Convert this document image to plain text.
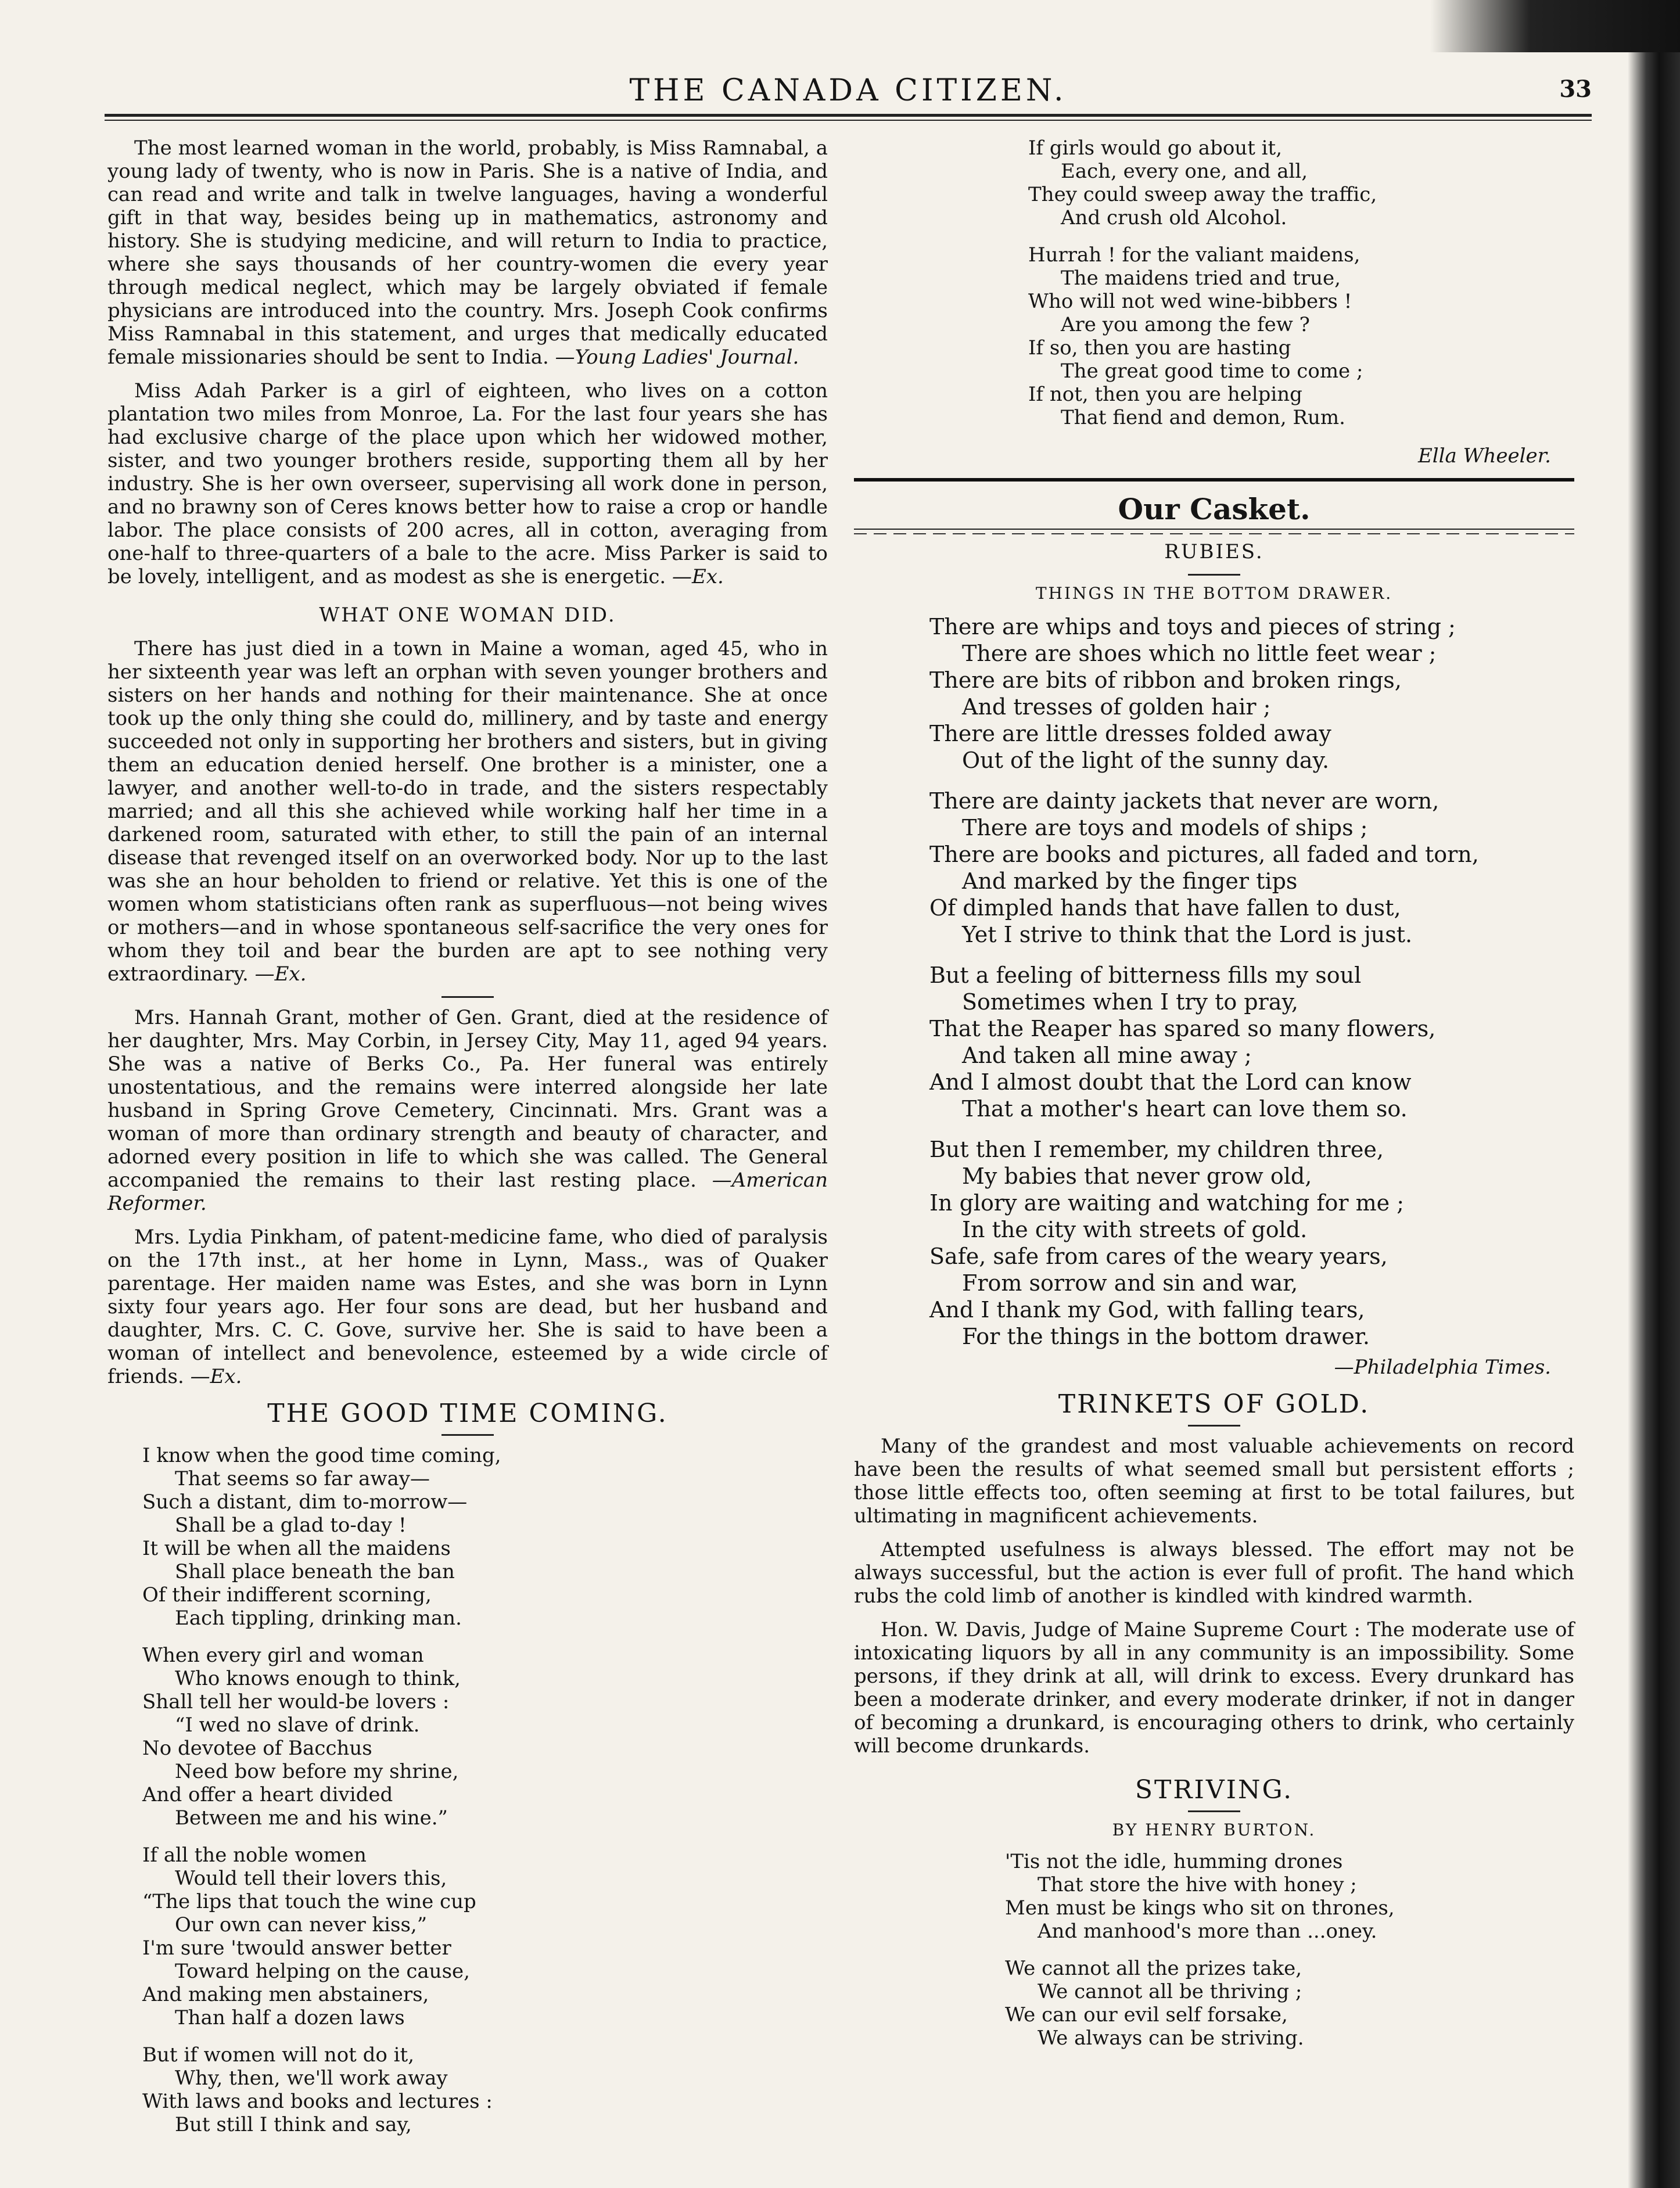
THE CANADA CITIZEN.	33

The most learned woman in the world, probably, is Miss Ramnabal, a young lady of twenty, who is now in Paris. She is a native of India, and can read and write and talk in twelve languages, having a wonderful gift in that way, besides being up in mathematics, astronomy and history. She is studying medicine, and will return to India to practice, where she says thousands of her country-women die every year through medical neglect, which may be largely obviated if female physicians are introduced into the country. Mrs. Joseph Cook confirms Miss Ramnabal in this statement, and urges that medically educated female missionaries should be sent to India. —Young Ladies' Journal.

Miss Adah Parker is a girl of eighteen, who lives on a cotton plantation two miles from Monroe, La. For the last four years she has had exclusive charge of the place upon which her widowed mother, sister, and two younger brothers reside, supporting them all by her industry. She is her own overseer, supervising all work done in person, and no brawny son of Ceres knows better how to raise a crop or handle labor. The place consists of 200 acres, all in cotton, averaging from one-half to three-quarters of a bale to the acre. Miss Parker is said to be lovely, intelligent, and as modest as she is energetic. —Ex.

WHAT ONE WOMAN DID.

There has just died in a town in Maine a woman, aged 45, who in her sixteenth year was left an orphan with seven younger brothers and sisters on her hands and nothing for their maintenance. She at once took up the only thing she could do, millinery, and by taste and energy succeeded not only in supporting her brothers and sisters, but in giving them an education denied herself. One brother is a minister, one a lawyer, and another well-to-do in trade, and the sisters respectably married; and all this she achieved while working half her time in a darkened room, saturated with ether, to still the pain of an internal disease that revenged itself on an overworked body. Nor up to the last was she an hour beholden to friend or relative. Yet this is one of the women whom statisticians often rank as superfluous—not being wives or mothers—and in whose spontaneous self-sacrifice the very ones for whom they toil and bear the burden are apt to see nothing very extraordinary. —Ex.

Mrs. Hannah Grant, mother of Gen. Grant, died at the residence of her daughter, Mrs. May Corbin, in Jersey City, May 11, aged 94 years. She was a native of Berks Co., Pa. Her funeral was entirely unostentatious, and the remains were interred alongside her late husband in Spring Grove Cemetery, Cincinnati. Mrs. Grant was a woman of more than ordinary strength and beauty of character, and adorned every position in life to which she was called. The General accompanied the remains to their last resting place. —American Reformer.

Mrs. Lydia Pinkham, of patent-medicine fame, who died of paralysis on the 17th inst., at her home in Lynn, Mass., was of Quaker parentage. Her maiden name was Estes, and she was born in Lynn sixty four years ago. Her four sons are dead, but her husband and daughter, Mrs. C. C. Gove, survive her. She is said to have been a woman of intellect and benevolence, esteemed by a wide circle of friends. —Ex.

THE GOOD TIME COMING.
I know when the good time coming,
That seems so far away—
Such a distant, dim to-morrow—
Shall be a glad to-day !
It will be when all the maidens
Shall place beneath the ban
Of their indifferent scorning,
Each tippling, drinking man.
When every girl and woman
Who knows enough to think,
Shall tell her would-be lovers :
“I wed no slave of drink.
No devotee of Bacchus
Need bow before my shrine,
And offer a heart divided
Between me and his wine.”
If all the noble women
Would tell their lovers this,
“The lips that touch the wine cup
Our own can never kiss,”
I'm sure 'twould answer better
Toward helping on the cause,
And making men abstainers,
Than half a dozen laws
But if women will not do it,
Why, then, we'll work away
With laws and books and lectures :
But still I think and say,
If girls would go about it,
Each, every one, and all,
They could sweep away the traffic,
And crush old Alcohol.
Hurrah ! for the valiant maidens,
The maidens tried and true,
Who will not wed wine-bibbers !
Are you among the few ?
If so, then you are hasting
The great good time to come ;
If not, then you are helping
That fiend and demon, Rum.
Ella Wheeler.
Our Casket.
RUBIES.
THINGS IN THE BOTTOM DRAWER.
There are whips and toys and pieces of string ;
There are shoes which no little feet wear ;
There are bits of ribbon and broken rings,
And tresses of golden hair ;
There are little dresses folded away
Out of the light of the sunny day.
There are dainty jackets that never are worn,
There are toys and models of ships ;
There are books and pictures, all faded and torn,
And marked by the finger tips
Of dimpled hands that have fallen to dust,
Yet I strive to think that the Lord is just.
But a feeling of bitterness fills my soul
Sometimes when I try to pray,
That the Reaper has spared so many flowers,
And taken all mine away ;
And I almost doubt that the Lord can know
That a mother's heart can love them so.
But then I remember, my children three,
My babies that never grow old,
In glory are waiting and watching for me ;
In the city with streets of gold.
Safe, safe from cares of the weary years,
From sorrow and sin and war,
And I thank my God, with falling tears,
For the things in the bottom drawer.
—Philadelphia Times.
TRINKETS OF GOLD.

Many of the grandest and most valuable achievements on record have been the results of what seemed small but persistent efforts ; those little effects too, often seeming at first to be total failures, but ultimating in magnificent achievements.

Attempted usefulness is always blessed. The effort may not be always successful, but the action is ever full of profit. The hand which rubs the cold limb of another is kindled with kindred warmth.

Hon. W. Davis, Judge of Maine Supreme Court : The moderate use of intoxicating liquors by all in any community is an impossibility. Some persons, if they drink at all, will drink to excess. Every drunkard has been a moderate drinker, and every moderate drinker, if not in danger of becoming a drunkard, is encouraging others to drink, who certainly will become drunkards.

STRIVING.
BY HENRY BURTON.
'Tis not the idle, humming drones
That store the hive with honey ;
Men must be kings who sit on thrones,
And manhood's more than ...oney.
We cannot all the prizes take,
We cannot all be thriving ;
We can our evil self forsake,
We always can be striving.
